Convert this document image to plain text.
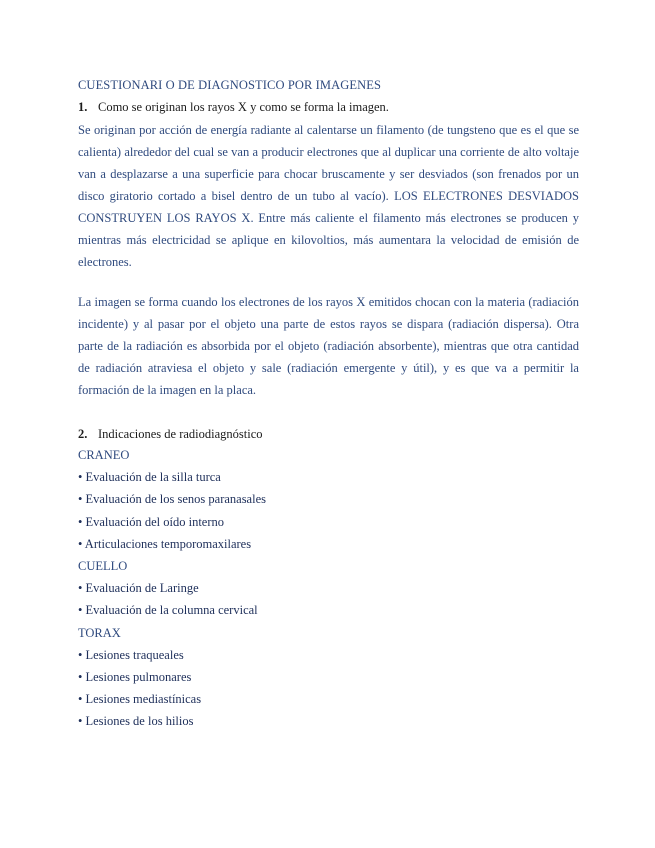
CUESTIONARI O DE DIAGNOSTICO POR IMAGENES
1. Como se originan los rayos X y como se forma la imagen.
Se originan por acción de energía radiante al calentarse un filamento (de tungsteno que es el que se calienta) alrededor del cual se van a producir electrones que al duplicar una corriente de alto voltaje van a desplazarse a una superficie para chocar bruscamente y ser desviados (son frenados por un disco giratorio cortado a bisel dentro de un tubo al vacío). LOS ELECTRONES DESVIADOS CONSTRUYEN LOS RAYOS X. Entre más caliente el filamento más electrones se producen y mientras más electricidad se aplique en kilovoltios, más aumentara la velocidad de emisión de electrones.
La imagen se forma cuando los electrones de los rayos X emitidos chocan con la materia (radiación incidente) y al pasar por el objeto una parte de estos rayos se dispara (radiación dispersa). Otra parte de la radiación es absorbida por el objeto (radiación absorbente), mientras que otra cantidad de radiación atraviesa el objeto y sale (radiación emergente y útil), y es que va a permitir la formación de la imagen en la placa.
2. Indicaciones de radiodiagnóstico
CRANEO
• Evaluación de la silla turca
• Evaluación de los senos paranasales
• Evaluación del oído interno
• Articulaciones temporomaxilares
CUELLO
• Evaluación de Laringe
• Evaluación de la columna cervical
TORAX
• Lesiones traqueales
• Lesiones pulmonares
• Lesiones mediastínicas
• Lesiones de los hilios
